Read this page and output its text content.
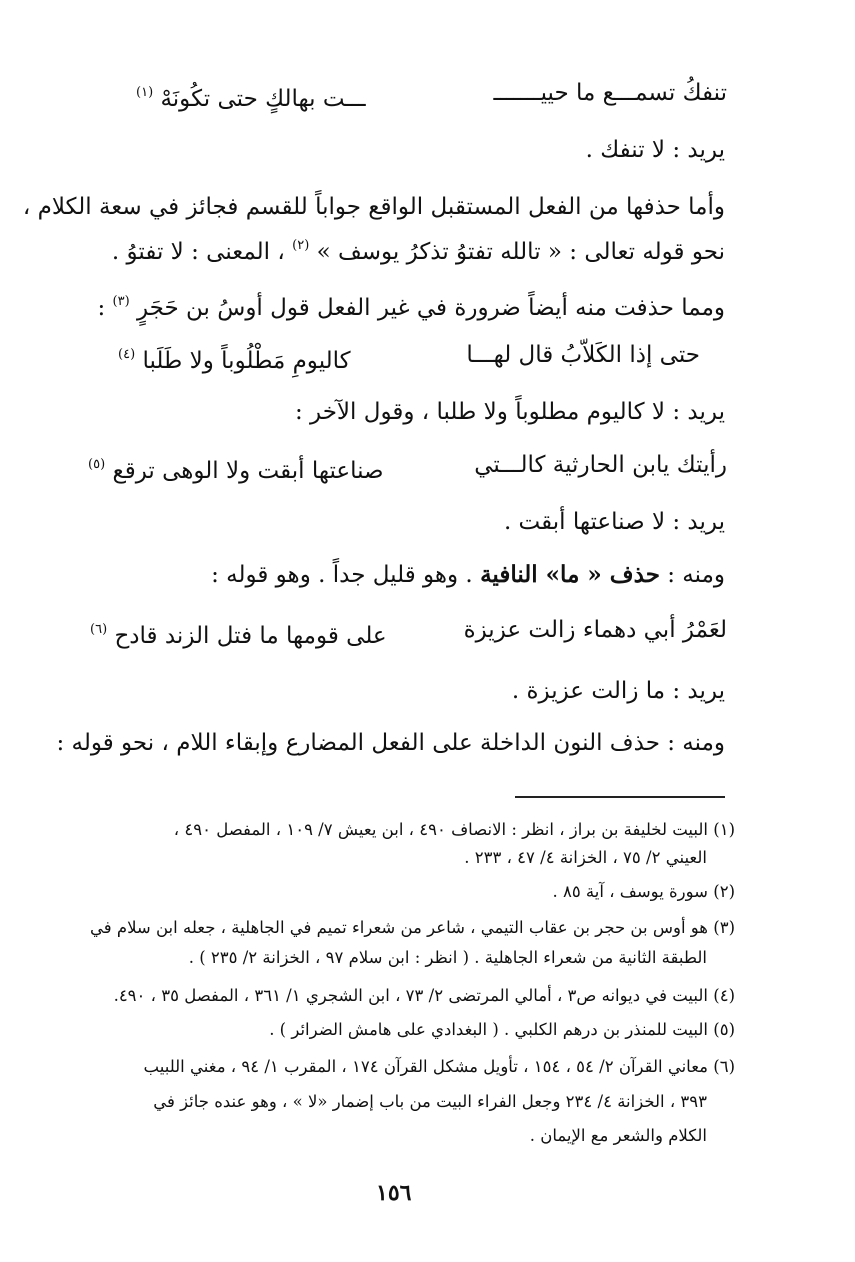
تنفكُ تسمـــع ما حييـــــــ
ـــت بهالكٍ حتى تكُونَهْ $^{(١)}$
يريد : لا تنفك .
وأما حذفها من الفعل المستقبل الواقع جواباً للقسم فجائز في سعة الكلام ،
نحو قوله تعالى : « تالله تفتوُ تذكرُ يوسف » $^{(٢)}$ ، المعنى : لا تفتوُ .
ومما حذفت منه أيضاً ضرورة في غير الفعل قول أوسُ بن حَجَرٍ $^{(٣)}$ :
حتى إذا الكَلاّبُ قال لهـــا
كاليومِ مَطْلُوباً ولا طَلَبا $^{(٤)}$
يريد : لا كاليوم مطلوباً ولا طلبا ، وقول الآخر :
رأيتك يابن الحارثية كالـــتي
صناعتها أبقت ولا الوهى ترقع $^{(٥)}$
يريد : لا صناعتها أبقت .
ومنه : حذف « ما» النافية . وهو قليل جداً . وهو قوله :
لعَمْرُ أبي دهماء زالت عزيزة
على قومها ما فتل الزند قادح $^{(٦)}$
يريد : ما زالت عزيزة .
ومنه : حذف النون الداخلة على الفعل المضارع وإبقاء اللام ، نحو قوله :
(١) البيت لخليفة بن براز ، انظر : الانصاف ٤٩٠ ، ابن يعيش ٧/ ١٠٩ ، المفصل ٤٩٠ ،
العيني ٢/ ٧٥ ، الخزانة ٤/ ٤٧ ، ٢٣٣ .
(٢) سورة يوسف ، آية ٨٥ .
(٣) هو أوس بن حجر بن عقاب التيمي ، شاعر من شعراء تميم في الجاهلية ، جعله ابن سلام في
الطبقة الثانية من شعراء الجاهلية . ( انظر : ابن سلام ٩٧ ، الخزانة ٢/ ٢٣٥ ) .
(٤) البيت في ديوانه ص٣ ، أمالي المرتضى ٢/ ٧٣ ، ابن الشجري ١/ ٣٦١ ، المفصل ٣٥ ، ٤٩٠.
(٥) البيت للمنذر بن درهم الكلبي . ( البغدادي على هامش الضرائر ) .
(٦) معاني القرآن ٢/ ٥٤ ، ١٥٤ ، تأويل مشكل القرآن ١٧٤ ، المقرب ١/ ٩٤ ، مغني اللبيب
٣٩٣ ، الخزانة ٤/ ٢٣٤ وجعل الفراء البيت من باب إضمار «لا » ، وهو عنده جائز في
الكلام والشعر مع الإيمان .
١٥٦
